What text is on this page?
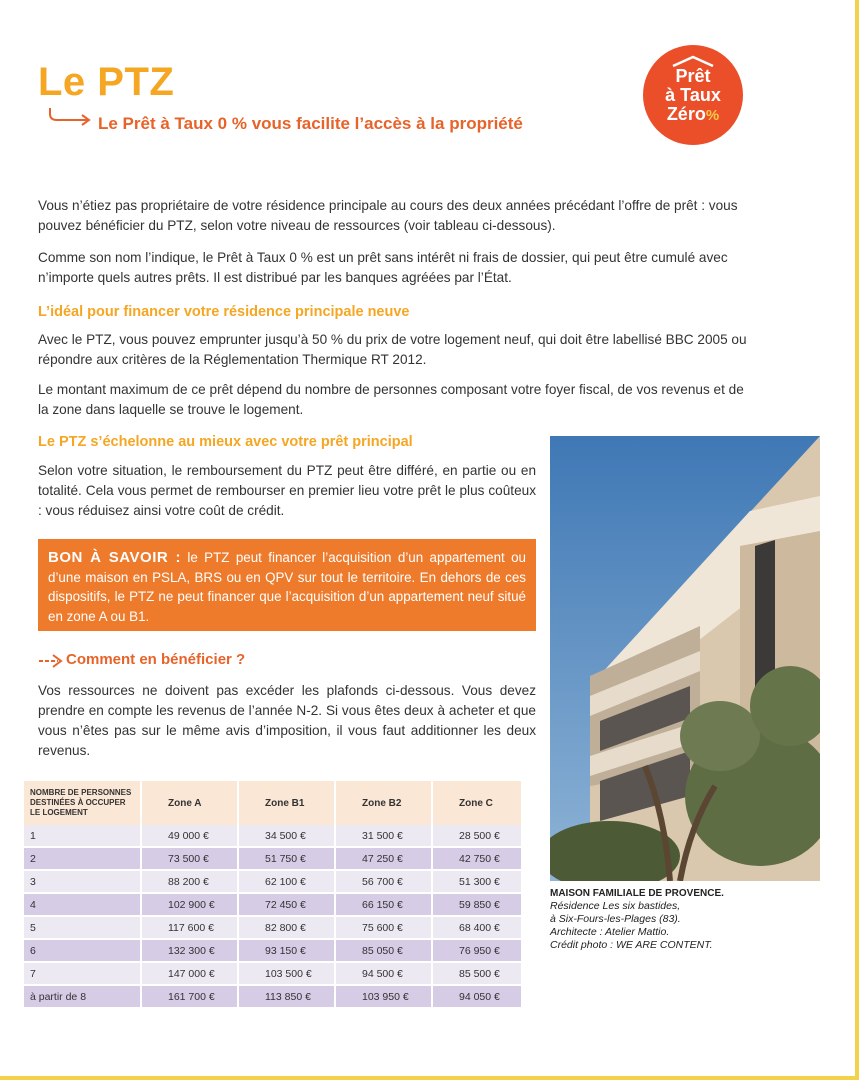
Le PTZ
Le Prêt à Taux 0 % vous facilite l’accès à la propriété
Prêt
à Taux
Zéro%

Vous n’étiez pas propriétaire de votre résidence principale au cours des deux années précédant l’offre de prêt : vous pouvez bénéficier du PTZ, selon votre niveau de ressources (voir tableau ci-dessous).

Comme son nom l’indique, le Prêt à Taux 0 % est un prêt sans intérêt ni frais de dossier, qui peut être cumulé avec n’importe quels autres prêts. Il est distribué par les banques agréées par l’État.

L’idéal pour financer votre résidence principale neuve

Avec le PTZ, vous pouvez emprunter jusqu’à 50 % du prix de votre logement neuf, qui doit être labellisé BBC 2005 ou répondre aux critères de la Réglementation Thermique RT 2012.

Le montant maximum de ce prêt dépend du nombre de personnes composant votre foyer fiscal, de vos revenus et de la zone dans laquelle se trouve le logement.

Le PTZ s’échelonne au mieux avec votre prêt principal

Selon votre situation, le remboursement du PTZ peut être différé, en partie ou en totalité. Cela vous permet de rembourser en premier lieu votre prêt le plus coûteux : vous réduisez ainsi votre coût de crédit.

BON À SAVOIR : le PTZ peut financer l’acquisition d’un appartement ou d’une maison en PSLA, BRS ou en QPV sur tout le territoire. En dehors de ces dispositifs, le PTZ ne peut financer que l’acquisition d’un appartement neuf situé en zone A ou B1.
Comment en bénéficier ?

Vos ressources ne doivent pas excéder les plafonds ci-dessous. Vous devez prendre en compte les revenus de l’année N-2. Si vous êtes deux à acheter et que vous n’êtes pas sur le même avis d’imposition, il vous faut additionner les deux revenus.

NOMBRE DE PERSONNES DESTINÉES À OCCUPER LE LOGEMENT	Zone A	Zone B1	Zone B2	Zone C
1	49 000 €	34 500 €	31 500 €	28 500 €
2	73 500 €	51 750 €	47 250 €	42 750 €
3	88 200 €	62 100 €	56 700 €	51 300 €
4	102 900 €	72 450 €	66 150 €	59 850 €
5	117 600 €	82 800 €	75 600 €	68 400 €
6	132 300 €	93 150 €	85 050 €	76 950 €
7	147 000 €	103 500 €	94 500 €	85 500 €
à partir de 8	161 700 €	113 850 €	103 950 €	94 050 €
MAISON FAMILIALE DE PROVENCE.
Résidence Les six bastides,
à Six-Fours-les-Plages (83).
Architecte : Atelier Mattio.
Crédit photo : WE ARE CONTENT.
